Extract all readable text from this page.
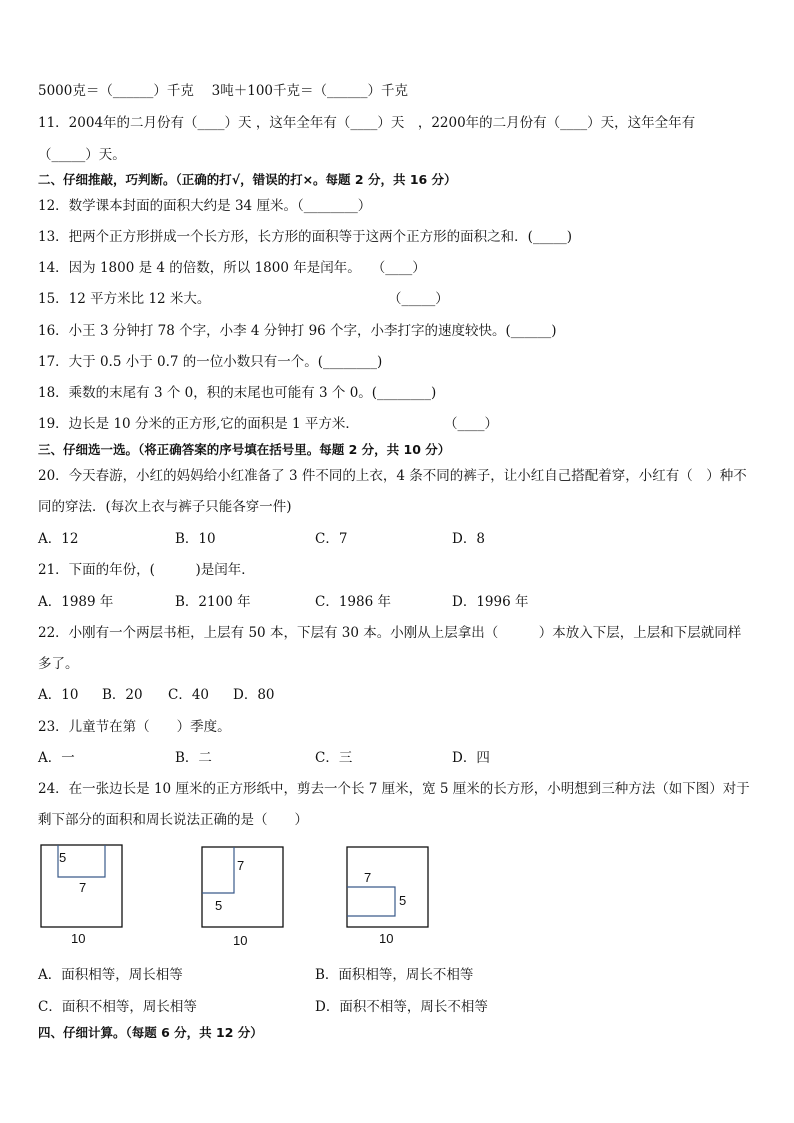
5000克＝（______）千克　 3吨＋100千克＝（______）千克
11．2004年的二月份有（____）天 ，这年全年有（____）天　，2200年的二月份有（____）天，这年全年有
（_____）天。
二、仔细推敲，巧判断。（正确的打√，错误的打×。每题 2 分，共 16 分）
12．数学课本封面的面积大约是 34 厘米。（________）
13．把两个正方形拼成一个长方形，长方形的面积等于这两个正方形的面积之和．(_____)
14．因为 1800 是 4 的倍数，所以 1800 年是闰年。　 （____）
15．12 平方米比 12 米大。	（_____）
16．小王 3 分钟打 78 个字，小李 4 分钟打 96 个字，小李打字的速度较快。(______)
17．大于 0.5 小于 0.7 的一位小数只有一个。(________)
18．乘数的末尾有 3 个 0，积的末尾也可能有 3 个 0。(________)
19．边长是 10 分米的正方形,它的面积是 1 平方米．	（____）
三、仔细选一选。（将正确答案的序号填在括号里。每题 2 分，共 10 分）
20．今天春游，小红的妈妈给小红准备了 3 件不同的上衣，4 条不同的裤子，让小红自己搭配着穿，小红有（　）种不
同的穿法．(每次上衣与裤子只能各穿一件)
A．12	B．10	C．7	D．8
21．下面的年份，(　　　)是闰年．
A．1989 年	B．2100 年	C．1986 年	D．1996 年
22．小刚有一个两层书柜，上层有 50 本，下层有 30 本。小刚从上层拿出（　　　）本放入下层，上层和下层就同样
多了。
A．10 B．20 C．40 D．80
23．儿童节在第（　　）季度。
A．一	B．二	C．三	D．四
24．在一张边长是 10 厘米的正方形纸中，剪去一个长 7 厘米，宽 5 厘米的长方形，小明想到三种方法（如下图）对于
剩下部分的面积和周长说法正确的是（　　）
5
7
10
7
5
10
7
5
10
A．面积相等，周长相等	B．面积相等，周长不相等
C．面积不相等，周长相等	D．面积不相等，周长不相等
四、仔细计算。（每题 6 分，共 12 分）
